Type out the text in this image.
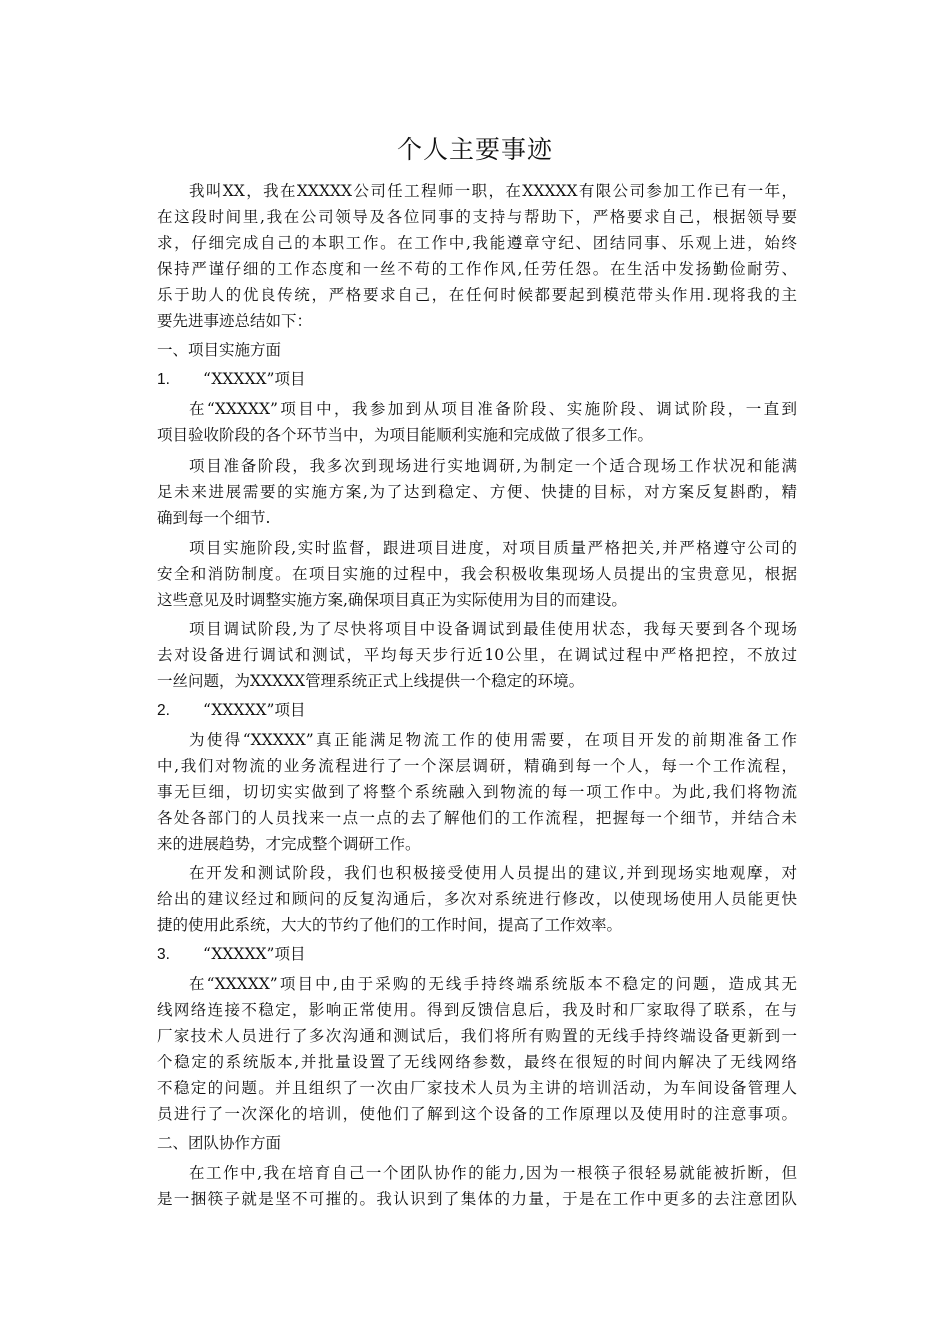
个人主要事迹
我叫XX，我在XXXXX公司任工程师一职，在XXXXX有限公司参加工作已有一年，
在这段时间里,我在公司领导及各位同事的支持与帮助下，严格要求自己，根据领导要
求，仔细完成自己的本职工作。在工作中,我能遵章守纪、团结同事、乐观上进，始终
保持严谨仔细的工作态度和一丝不苟的工作作风,任劳任怨。在生活中发扬勤俭耐劳、
乐于助人的优良传统，严格要求自己，在任何时候都要起到模范带头作用.现将我的主
要先进事迹总结如下：
一、项目实施方面
1. “XXXXX”项目
在“XXXXX”项目中，我参加到从项目准备阶段、实施阶段、调试阶段，一直到
项目验收阶段的各个环节当中，为项目能顺利实施和完成做了很多工作。
项目准备阶段，我多次到现场进行实地调研,为制定一个适合现场工作状况和能满
足未来进展需要的实施方案,为了达到稳定、方便、快捷的目标，对方案反复斟酌，精
确到每一个细节.
项目实施阶段,实时监督，跟进项目进度，对项目质量严格把关,并严格遵守公司的
安全和消防制度。在项目实施的过程中，我会积极收集现场人员提出的宝贵意见，根据
这些意见及时调整实施方案,确保项目真正为实际使用为目的而建设。
项目调试阶段,为了尽快将项目中设备调试到最佳使用状态，我每天要到各个现场
去对设备进行调试和测试，平均每天步行近10公里，在调试过程中严格把控，不放过
一丝问题，为XXXXX管理系统正式上线提供一个稳定的环境。
2. “XXXXX”项目
为使得“XXXXX”真正能满足物流工作的使用需要，在项目开发的前期准备工作
中,我们对物流的业务流程进行了一个深层调研，精确到每一个人，每一个工作流程，
事无巨细，切切实实做到了将整个系统融入到物流的每一项工作中。为此,我们将物流
各处各部门的人员找来一点一点的去了解他们的工作流程，把握每一个细节，并结合未
来的进展趋势，才完成整个调研工作。
在开发和测试阶段，我们也积极接受使用人员提出的建议,并到现场实地观摩，对
给出的建议经过和顾问的反复沟通后，多次对系统进行修改，以使现场使用人员能更快
捷的使用此系统，大大的节约了他们的工作时间，提高了工作效率。
3. “XXXXX”项目
在“XXXXX”项目中,由于采购的无线手持终端系统版本不稳定的问题，造成其无
线网络连接不稳定，影响正常使用。得到反馈信息后，我及时和厂家取得了联系，在与
厂家技术人员进行了多次沟通和测试后，我们将所有购置的无线手持终端设备更新到一
个稳定的系统版本,并批量设置了无线网络参数，最终在很短的时间内解决了无线网络
不稳定的问题。并且组织了一次由厂家技术人员为主讲的培训活动，为车间设备管理人
员进行了一次深化的培训，使他们了解到这个设备的工作原理以及使用时的注意事项。
二、团队协作方面
在工作中,我在培育自己一个团队协作的能力,因为一根筷子很轻易就能被折断，但
是一捆筷子就是坚不可摧的。我认识到了集体的力量，于是在工作中更多的去注意团队
